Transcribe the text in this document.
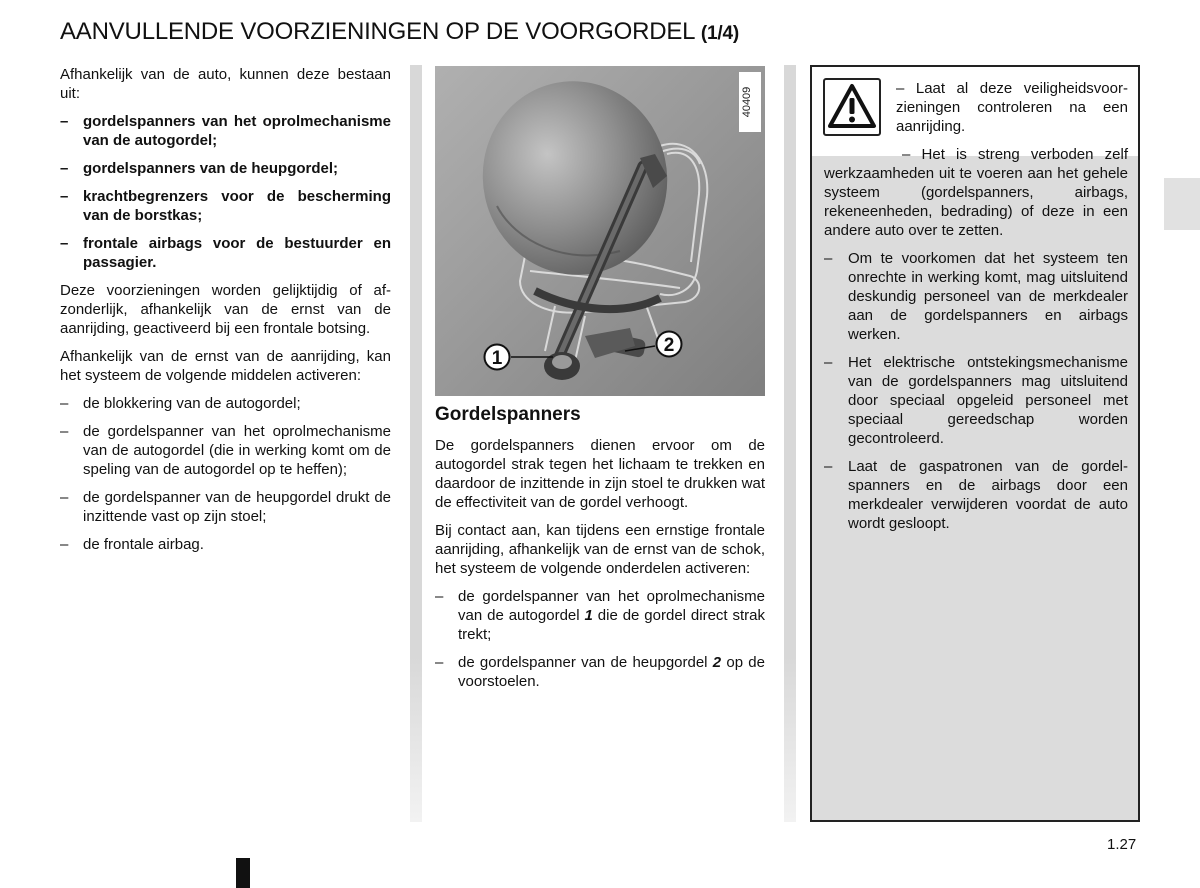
AANVULLENDE VOORZIENINGEN OP DE VOORGORDEL (1/4)

Afhankelijk van de auto, kunnen deze bestaan uit:

– gordelspanners van het oprolmechanisme van de autogordel;
– gordelspanners van de heupgordel;
– krachtbegrenzers voor de bescherming van de borstkas;
– frontale airbags voor de bestuurder en passagier.

Deze voorzieningen worden gelijktijdig of afzonderlijk, afhankelijk van de ernst van de aanrijding, geactiveerd bij een frontale botsing.

Afhankelijk van de ernst van de aanrijding, kan het systeem de volgende middelen activeren:

– de blokkering van de autogordel;
– de gordelspanner van het oprolmechanisme van de autogordel (die in werking komt om de speling van de autogordel op te heffen);
– de gordelspanner van de heupgordel drukt de inzittende vast op zijn stoel;
– de frontale airbag.
40409
1
2
Gordelspanners

De gordelspanners dienen ervoor om de autogordel strak tegen het lichaam te trekken en daardoor de inzittende in zijn stoel te drukken wat de effectiviteit van de gordel verhoogt.

Bij contact aan, kan tijdens een ernstige frontale aanrijding, afhankelijk van de ernst van de schok, het systeem de volgende onderdelen activeren:

– de gordelspanner van het oprolmechanisme van de autogordel 1 die de gordel direct strak trekt;
– de gordelspanner van de heupgordel 2 op de voorstoelen.
– Laat al deze veiligheidsvoorzieningen controleren na een aanrijding.

– Het is streng verboden zelf werkzaamheden uit te voeren aan het gehele systeem (gordelspanners, airbags, rekeneenheden, bedrading) of deze in een andere auto over te zetten.

– Om te voorkomen dat het systeem ten onrechte in werking komt, mag uitsluitend deskundig personeel van de merkdealer aan de gordelspanners en airbags werken.
– Het elektrische ontstekingsmechanisme van de gordelspanners mag uitsluitend door speciaal opgeleid personeel met speciaal gereedschap worden gecontroleerd.
– Laat de gaspatronen van de gordelspanners en de airbags door een merkdealer verwijderen voordat de auto wordt gesloopt.
1.27
